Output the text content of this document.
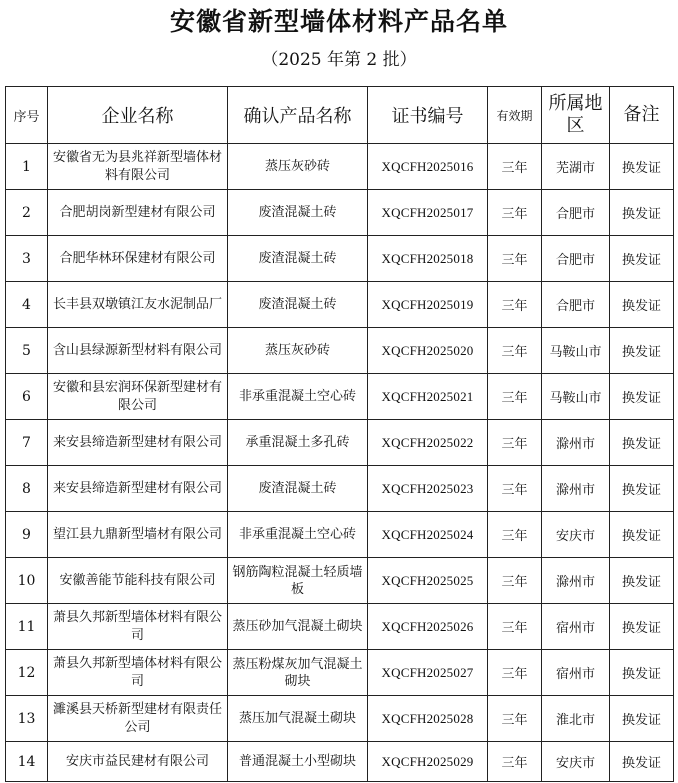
安徽省新型墙体材料产品名单
（2025 年第 2 批）
序号	企业名称	确认产品名称	证书编号	有效期	所属地区	备注
1	安徽省无为县兆祥新型墙体材料有限公司	蒸压灰砂砖	XQCFH2025016	三年	芜湖市	换发证
2	合肥胡岗新型建材有限公司	废渣混凝土砖	XQCFH2025017	三年	合肥市	换发证
3	合肥华林环保建材有限公司	废渣混凝土砖	XQCFH2025018	三年	合肥市	换发证
4	长丰县双墩镇江友水泥制品厂	废渣混凝土砖	XQCFH2025019	三年	合肥市	换发证
5	含山县绿源新型材料有限公司	蒸压灰砂砖	XQCFH2025020	三年	马鞍山市	换发证
6	安徽和县宏润环保新型建材有限公司	非承重混凝土空心砖	XQCFH2025021	三年	马鞍山市	换发证
7	来安县缔造新型建材有限公司	承重混凝土多孔砖	XQCFH2025022	三年	滁州市	换发证
8	来安县缔造新型建材有限公司	废渣混凝土砖	XQCFH2025023	三年	滁州市	换发证
9	望江县九鼎新型墙材有限公司	非承重混凝土空心砖	XQCFH2025024	三年	安庆市	换发证
10	安徽善能节能科技有限公司	钢筋陶粒混凝土轻质墙板	XQCFH2025025	三年	滁州市	换发证
11	萧县久邦新型墙体材料有限公司	蒸压砂加气混凝土砌块	XQCFH2025026	三年	宿州市	换发证
12	萧县久邦新型墙体材料有限公司	蒸压粉煤灰加气混凝土砌块	XQCFH2025027	三年	宿州市	换发证
13	濉溪县天桥新型建材有限责任公司	蒸压加气混凝土砌块	XQCFH2025028	三年	淮北市	换发证
14	安庆市益民建材有限公司	普通混凝土小型砌块	XQCFH2025029	三年	安庆市	换发证
